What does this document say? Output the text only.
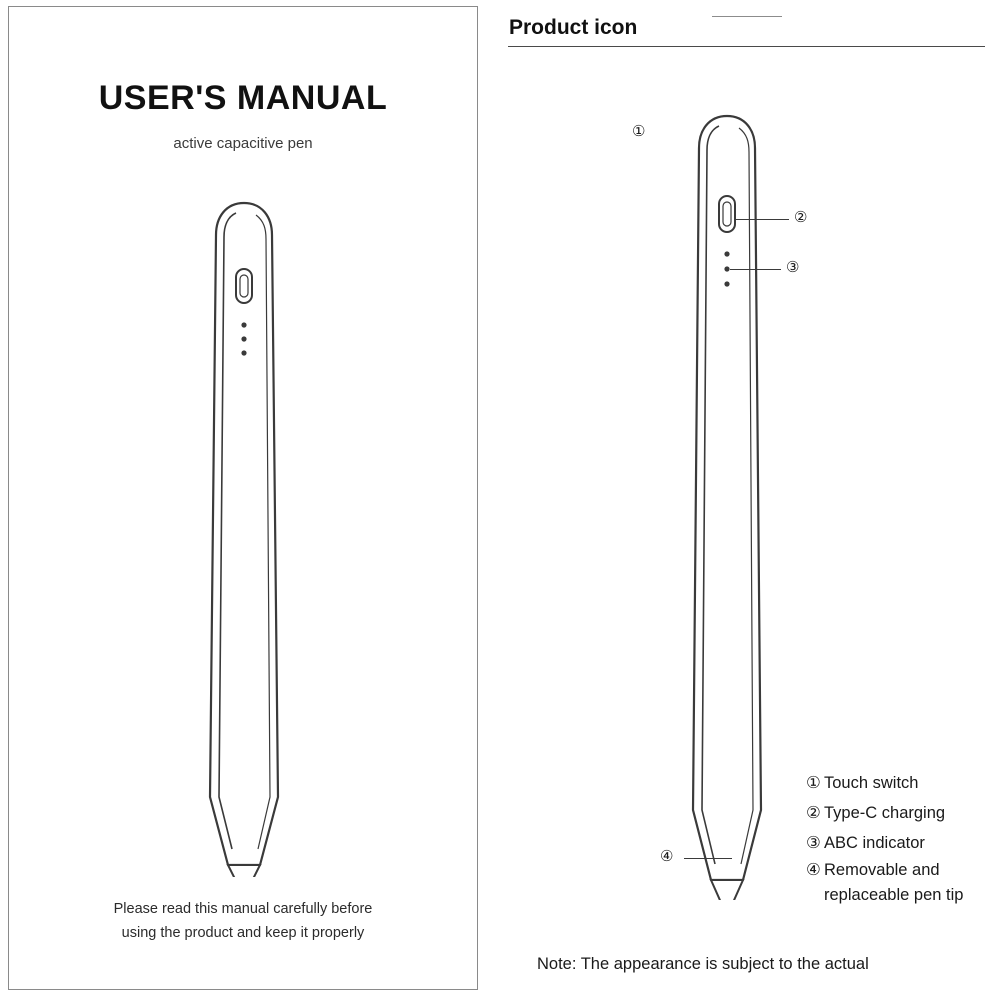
USER'S MANUAL
active capacitive pen
Please read this manual carefully before
using the product and keep it properly
Product icon
①
②
③
④
① Touch switch
② Type-C charging
③ ABC indicator
④ Removable and
replaceable pen tip
Note: The appearance is subject to the actual
